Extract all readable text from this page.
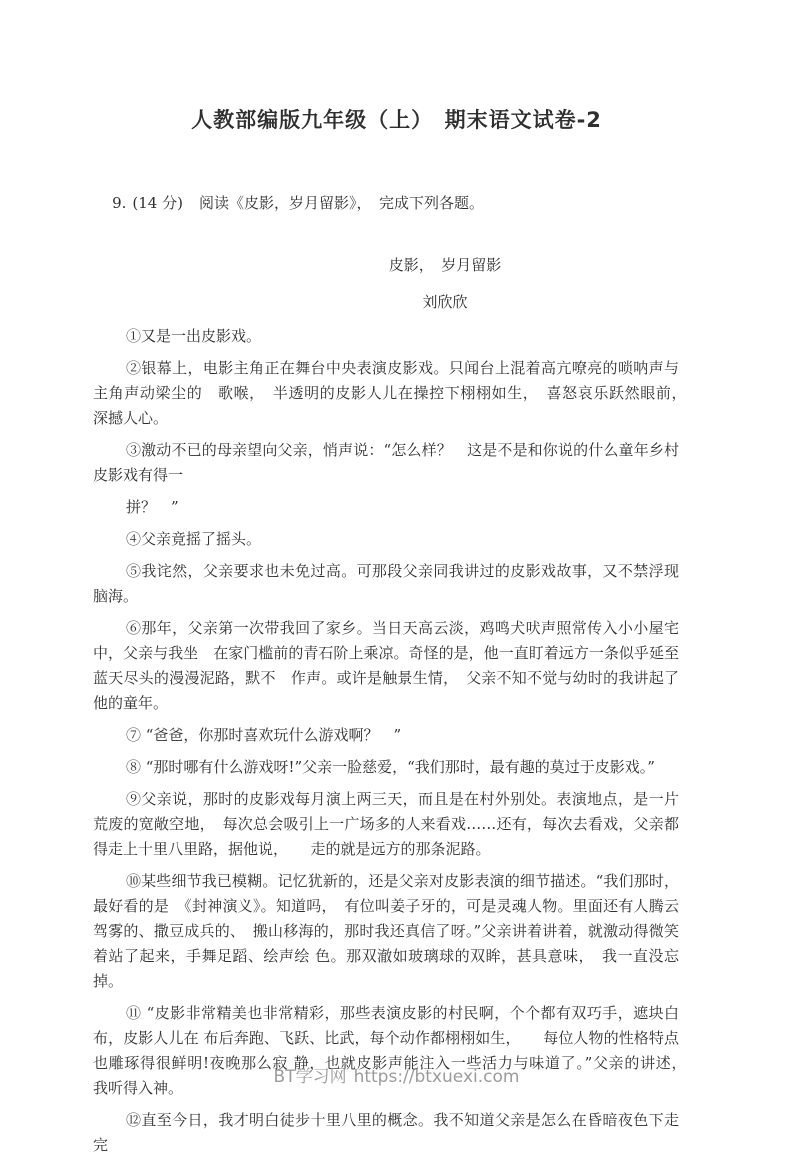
人教部编版九年级（上）　期末语文试卷-2

9. (14 分) 阅读《皮影，岁月留影》，　完成下列各题。

皮影，　岁月留影
刘欣欣

①又是一出皮影戏。

②银幕上，电影主角正在舞台中央表演皮影戏。只闻台上混着高亢嘹亮的唢呐声与主角声动梁尘的　歌喉，　半透明的皮影人儿在操控下栩栩如生，　喜怒哀乐跃然眼前，　深撼人心。

③激动不已的母亲望向父亲，悄声说：“怎么样？　这是不是和你说的什么童年乡村皮影戏有得一

拼？　”

④父亲竟摇了摇头。

⑤我诧然，父亲要求也未免过高。可那段父亲同我讲过的皮影戏故事，又不禁浮现脑海。

⑥那年，父亲第一次带我回了家乡。当日天高云淡，鸡鸣犬吠声照常传入小小屋宅中，父亲与我坐　在家门槛前的青石阶上乘凉。奇怪的是，他一直盯着远方一条似乎延至蓝天尽头的漫漫泥路，默不　作声。或许是触景生情，　父亲不知不觉与幼时的我讲起了他的童年。

⑦ “爸爸，你那时喜欢玩什么游戏啊？　”

⑧ “那时哪有什么游戏呀!”父亲一脸慈爱，“我们那时，最有趣的莫过于皮影戏。”

⑨父亲说，那时的皮影戏每月演上两三天，而且是在村外别处。表演地点，是一片荒废的宽敞空地，　每次总会吸引上一广场多的人来看戏……还有，每次去看戏，父亲都得走上十里八里路，据他说，　　走的就是远方的那条泥路。

⑩某些细节我已模糊。记忆犹新的，还是父亲对皮影表演的细节描述。“我们那时，最好看的是　《封神演义》。知道吗，　有位叫姜子牙的，可是灵魂人物。里面还有人腾云驾雾的、撒豆成兵的、　搬山移海的，那时我还真信了呀。”父亲讲着讲着，就激动得微笑着站了起来，手舞足蹈、绘声绘 色。那双澈如玻璃球的双眸，甚具意味，　我一直没忘掉。

⑪ “皮影非常精美也非常精彩，那些表演皮影的村民啊，个个都有双巧手，遮块白布，皮影人儿在 布后奔跑、飞跃、比武，每个动作都栩栩如生，　　每位人物的性格特点也雕琢得很鲜明!夜晚那么寂 静，也就皮影声能注入一些活力与味道了。”父亲的讲述，　我听得入神。

⑫直至今日，我才明白徒步十里八里的概念。我不知道父亲是怎么在昏暗夜色下走完

BT学习网 https://btxuexi.com
